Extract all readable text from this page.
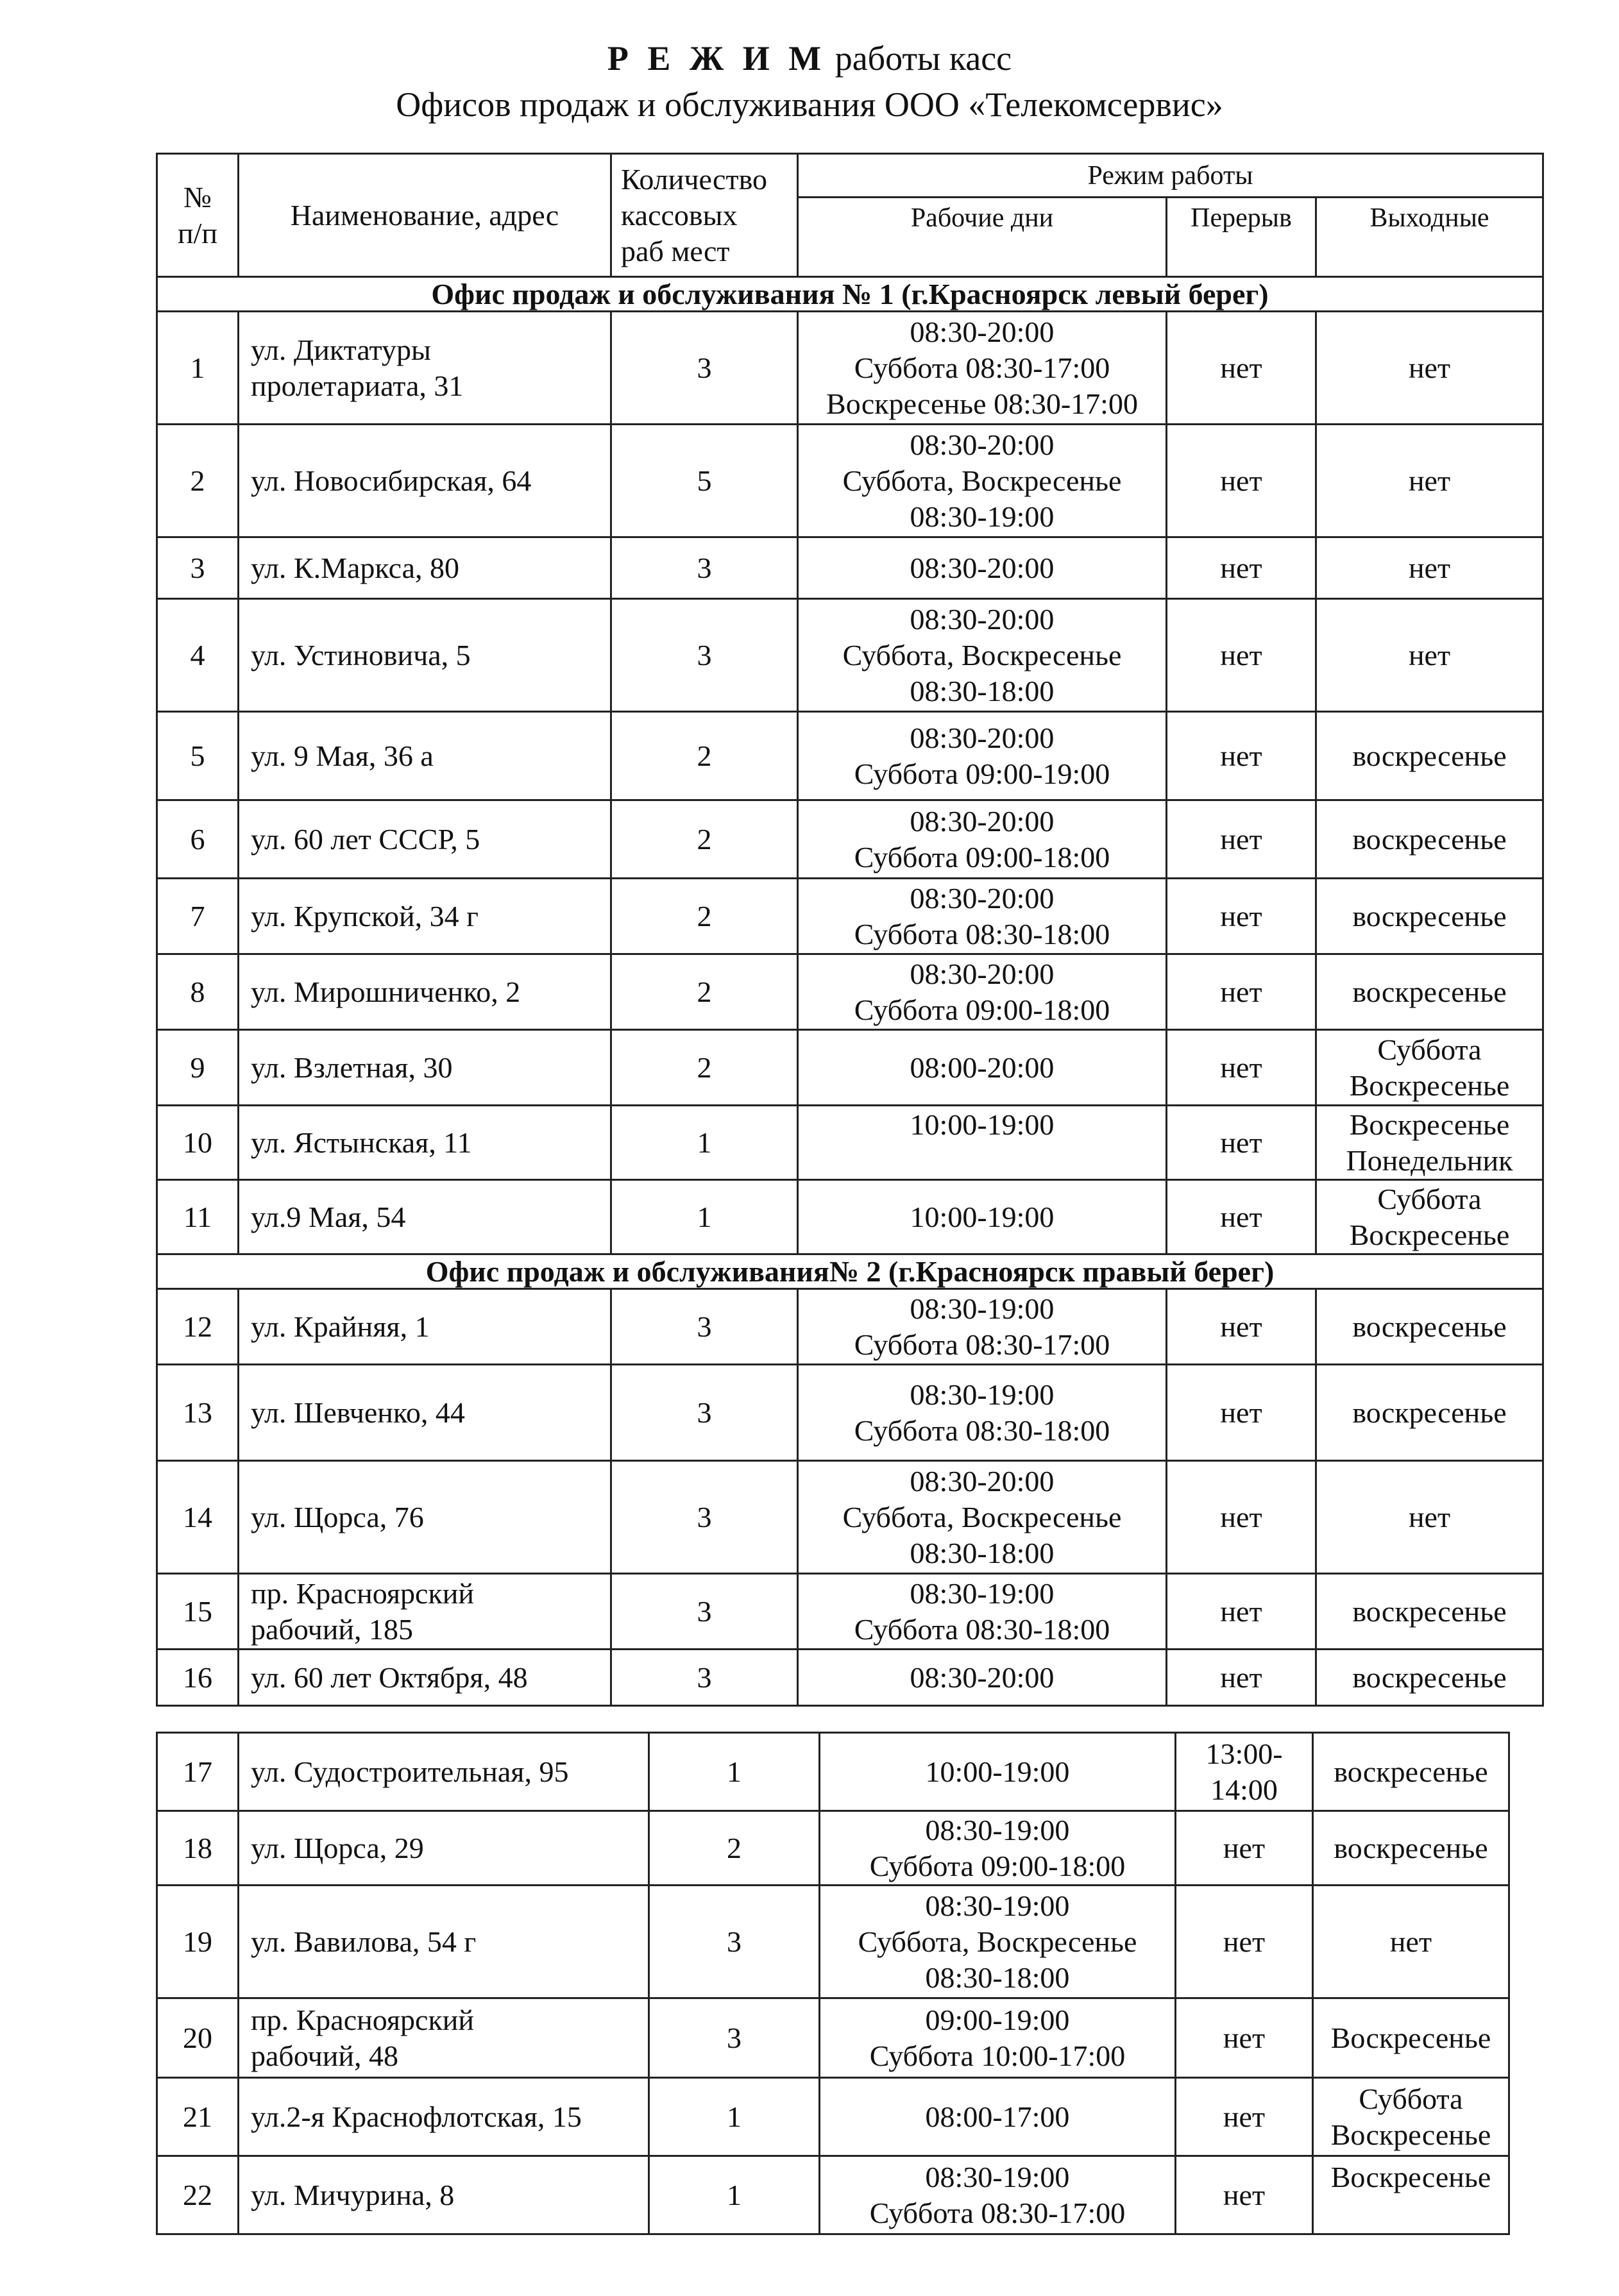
Р Е Ж И М работы касс
Офисов продаж и обслуживания ООО «Телекомсервис»
№
п/п	Наименование, адрес	Количество
кассовых
раб мест	Режим работы		
			Рабочие дни	Перерыв	Выходные
Офис продаж и обслуживания № 1 (г.Красноярск левый берег)					

1	ул. Диктатуры
пролетариата, 31	3	08:30-20:00
Суббота 08:30-17:00
Воскресенье 08:30-17:00	нет	нет

2	ул. Новосибирская, 64	5	08:30-20:00
Суббота, Воскресенье
08:30-19:00	нет	нет

3	ул. К.Маркса, 80	3	08:30-20:00	нет	нет

4	ул. Устиновича, 5	3	08:30-20:00
Суббота, Воскресенье
08:30-18:00	нет	нет

5	ул. 9 Мая, 36 а	2	08:30-20:00
Суббота 09:00-19:00	нет	воскресенье

6	ул. 60 лет СССР, 5	2	08:30-20:00
Суббота 09:00-18:00	нет	воскресенье

7	ул. Крупской, 34 г	2	08:30-20:00
Суббота 08:30-18:00	нет	воскресенье

8	ул. Мирошниченко, 2	2	08:30-20:00
Суббота 09:00-18:00	нет	воскресенье

9	ул. Взлетная, 30	2	08:00-20:00	нет	Суббота
Воскресенье

10	ул. Ястынская, 11	1	10:00-19:00	нет	Воскресенье
Понедельник

11	ул.9 Мая, 54	1	10:00-19:00	нет	Суббота
Воскресенье

Офис продаж и обслуживания№ 2 (г.Красноярск правый берег)					

12	ул. Крайняя, 1	3	08:30-19:00
Суббота 08:30-17:00	нет	воскресенье

13	ул. Шевченко, 44	3	08:30-19:00
Суббота 08:30-18:00	нет	воскресенье

14	ул. Щорса, 76	3	08:30-20:00
Суббота, Воскресенье
08:30-18:00	нет	нет

15	пр. Красноярский
рабочий, 185	3	08:30-19:00
Суббота 08:30-18:00	нет	воскресенье

16	ул. 60 лет Октября, 48	3	08:30-20:00	нет	воскресенье
17	ул. Судостроительная, 95	1	10:00-19:00	13:00-
14:00	воскресенье

18	ул. Щорса, 29	2	08:30-19:00
Суббота 09:00-18:00	нет	воскресенье

19	ул. Вавилова, 54 г	3	08:30-19:00
Суббота, Воскресенье
08:30-18:00	нет	нет

20	пр. Красноярский
рабочий, 48	3	09:00-19:00
Суббота 10:00-17:00	нет	Воскресенье

21	ул.2-я Краснофлотская, 15	1	08:00-17:00	нет	Суббота
Воскресенье

22	ул. Мичурина, 8	1	08:30-19:00
Суббота 08:30-17:00	нет	Воскресенье
